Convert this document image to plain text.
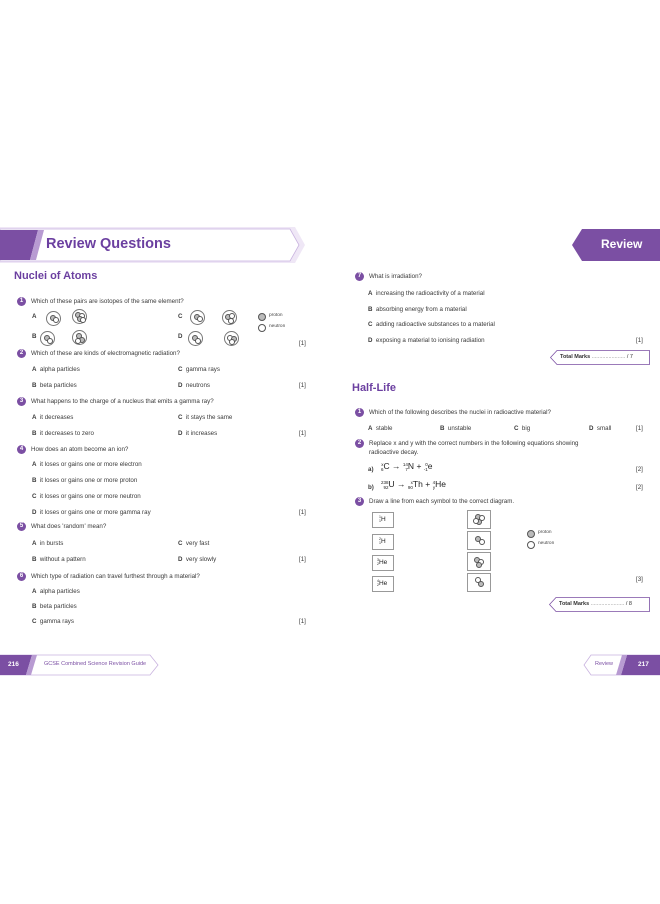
Review Questions
Nuclei of Atoms
1	Which of these pairs are isotopes of the same element?
A	C
B	D
proton
neutron
[1]
2	Which of these are kinds of electromagnetic radiation?
A alpha particles	C gamma rays
B beta particles	D neutrons	[1]
3	What happens to the charge of a nucleus that emits a gamma ray?
A it decreases	C it stays the same
B it decreases to zero	D it increases	[1]
4	How does an atom become an ion?
A it loses or gains one or more electron
B it loses or gains one or more proton
C it loses or gains one or more neutron
D it loses or gains one or more gamma ray	[1]
5	What does 'random' mean?
A in bursts	C very fast
B without a pattern	D very slowly	[1]
6	Which type of radiation can travel furthest through a material?
A alpha particles
B beta particles
C gamma rays	[1]
216	GCSE Combined Science Revision Guide
Review
7	What is irradiation?
A increasing the radioactivity of a material
B absorbing energy from a material
C adding radioactive substances to a material
D exposing a material to ionising radiation	[1]
Total Marks ...................... / 7
Half-Life
1	Which of the following describes the nuclei in radioactive material?
A stable	B unstable	C big	D small	[1]
2	Replace x and y with the correct numbers in the following equations showing
radioactive decay.
a)
x
6C → 14
7N + 0
-1e	[2]
b)
238
92U → x
90Th + 4
yHe	[2]
3	Draw a line from each symbol to the correct diagram.
1
1H
2
1H
3
2He
4
2He
proton
neutron
[3]
Total Marks ...................... / 8
Review	217
